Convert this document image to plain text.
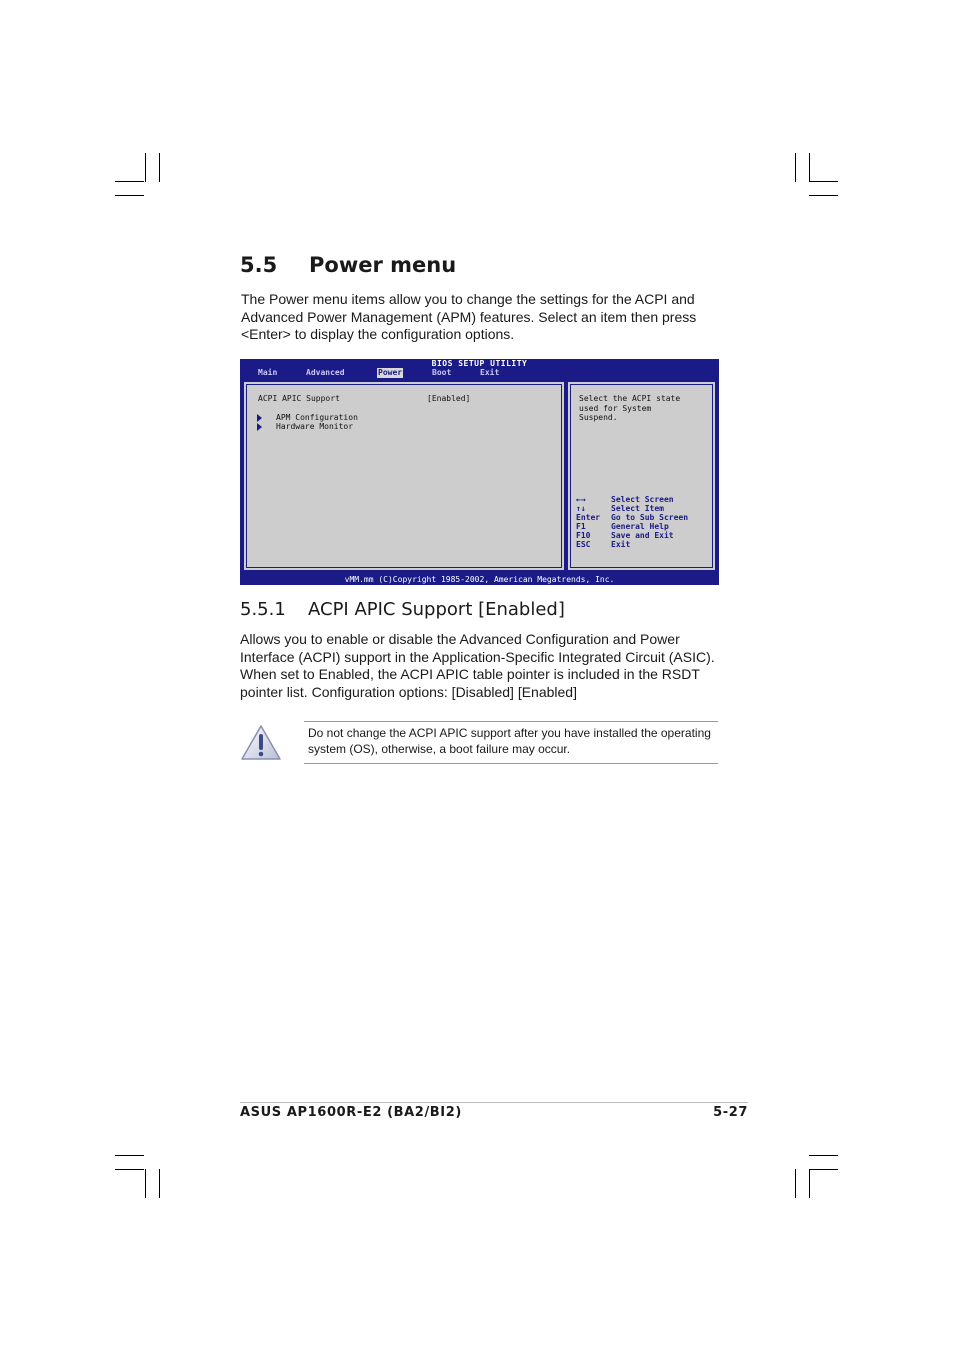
5.5 Power menu

The Power menu items allow you to change the settings for the ACPI and Advanced Power Management (APM) features. Select an item then press <Enter> to display the configuration options.

BIOS SETUP UTILITY
Main	Advanced	Power	Boot	Exit
ACPI APIC Support	[Enabled]
APM Configuration
Hardware Monitor
Select the ACPI state
used for System
Suspend.
←→	Select Screen
↑↓	Select Item
Enter Go to Sub Screen
F1	General Help
F10	Save and Exit
ESC	Exit
vMM.mm (C)Copyright 1985-2002, American Megatrends, Inc.
5.5.1 ACPI APIC Support [Enabled]

Allows you to enable or disable the Advanced Configuration and Power Interface (ACPI) support in the Application-Specific Integrated Circuit (ASIC). When set to Enabled, the ACPI APIC table pointer is included in the RSDT pointer list. Configuration options: [Disabled] [Enabled]

Do not change the ACPI APIC support after you have installed the operating system (OS), otherwise, a boot failure may occur.

ASUS AP1600R-E2 (BA2/BI2)	5-27
